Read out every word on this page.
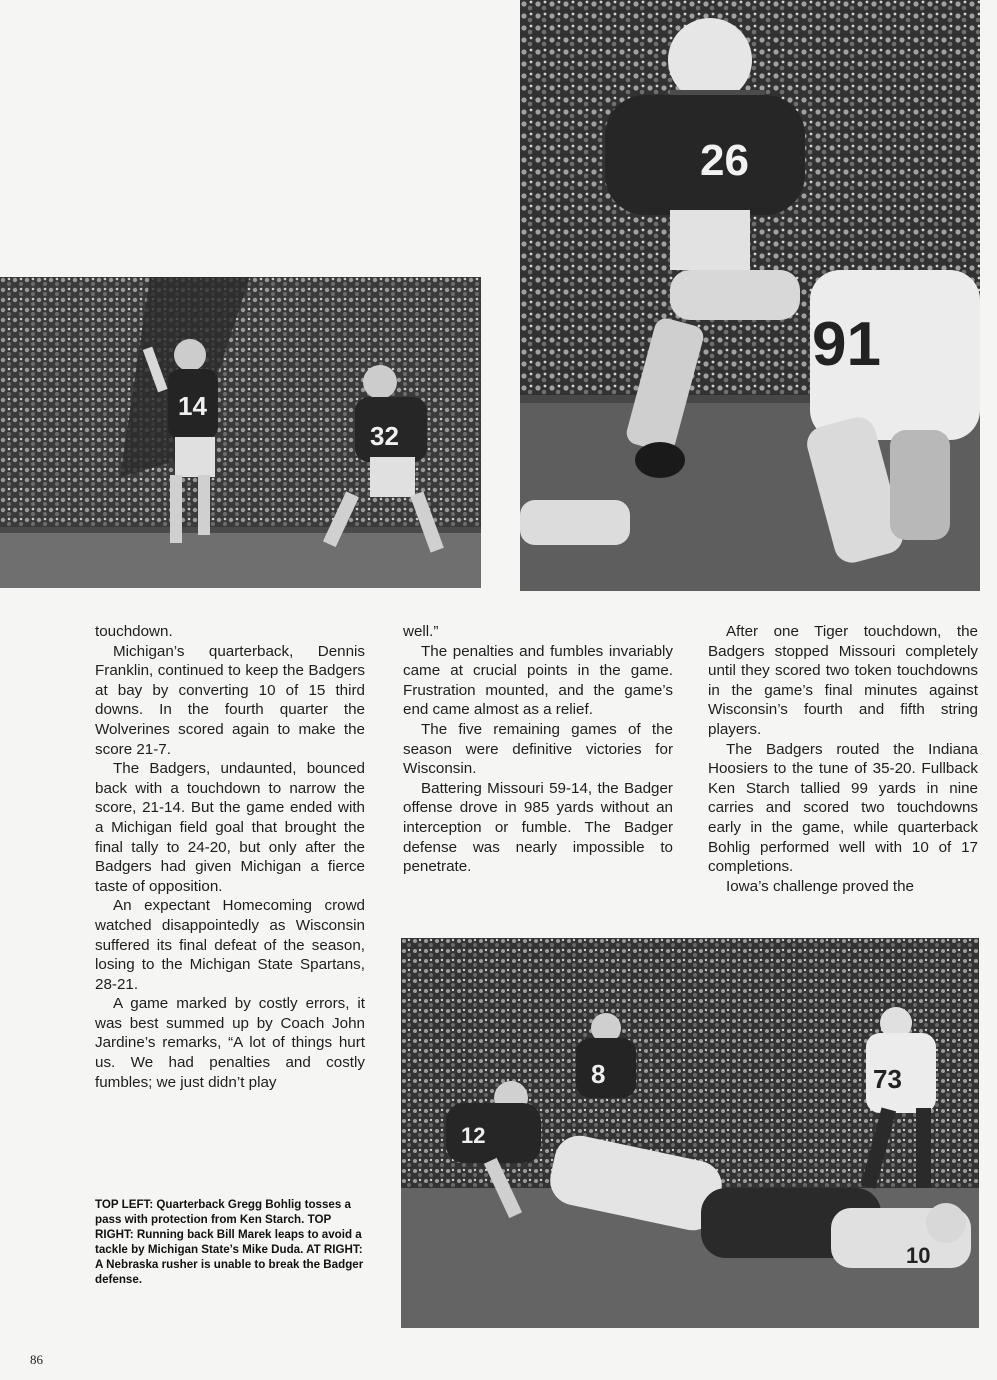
14
32
26
91

touchdown.

Michigan’s quarterback, Dennis Franklin, continued to keep the Badgers at bay by converting 10 of 15 third downs. In the fourth quarter the Wolverines scored again to make the score 21-7.

The Badgers, undaunted, bounced back with a touchdown to narrow the score, 21-14. But the game ended with a Michigan field goal that brought the final tally to 24-20, but only after the Badgers had given Michigan a fierce taste of opposition.

An expectant Homecoming crowd watched disappointedly as Wisconsin suffered its final defeat of the season, losing to the Michigan State Spartans, 28-21.

A game marked by costly errors, it was best summed up by Coach John Jardine’s remarks, “A lot of things hurt us. We had penalties and costly fumbles; we just didn’t play

well.”

The penalties and fumbles invariably came at crucial points in the game. Frustration mounted, and the game’s end came almost as a relief.

The five remaining games of the season were definitive victories for Wisconsin.

Battering Missouri 59-14, the Badger offense drove in 985 yards without an interception or fumble. The Badger defense was nearly impossible to penetrate.

After one Tiger touchdown, the Badgers stopped Missouri completely until they scored two token touchdowns in the game’s final minutes against Wisconsin’s fourth and fifth string players.

The Badgers routed the Indiana Hoosiers to the tune of 35-20. Fullback Ken Starch tallied 99 yards in nine carries and scored two touchdowns early in the game, while quarterback Bohlig performed well with 10 of 17 completions.

Iowa’s challenge proved the

12
8	73
10
TOP LEFT: Quarterback Gregg Bohlig tosses a pass with protection from Ken Starch. TOP RIGHT: Running back Bill Marek leaps to avoid a tackle by Michigan State’s Mike Duda. AT RIGHT: A Nebraska rusher is unable to break the Badger defense.
86
